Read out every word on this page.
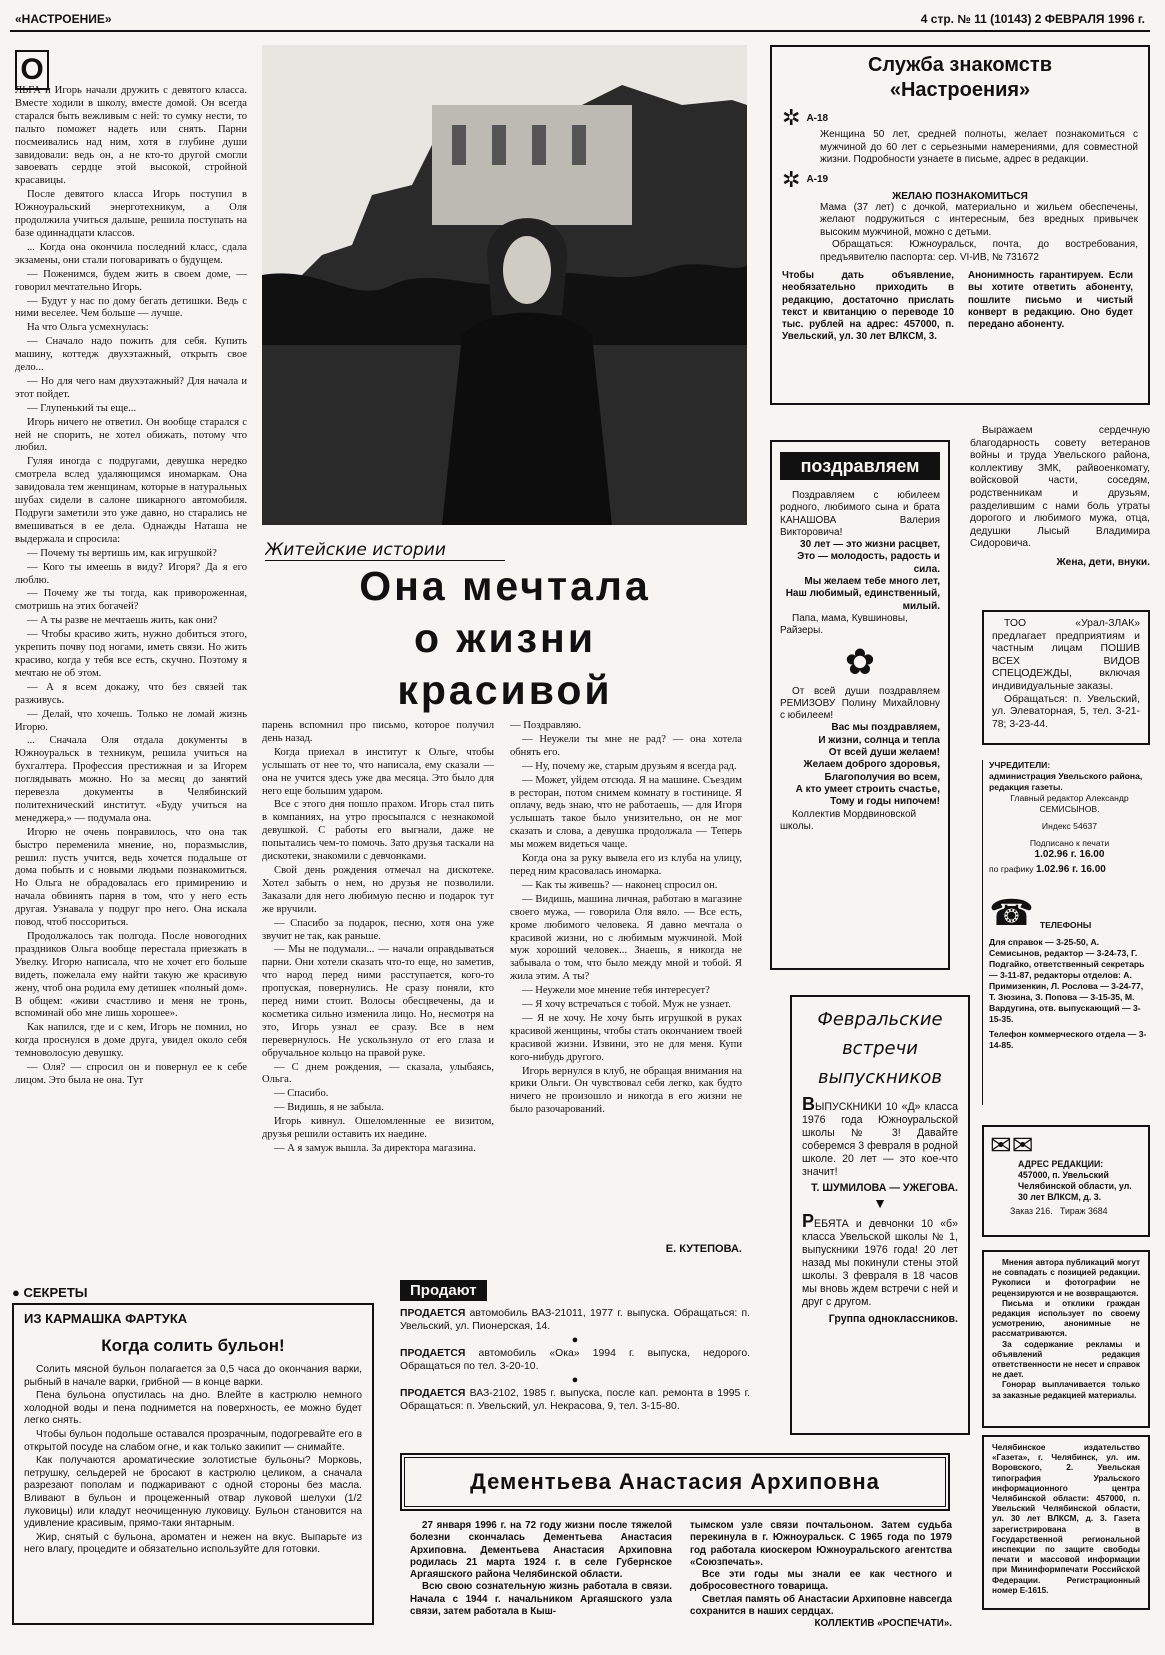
«НАСТРОЕНИЕ»	4 стр. № 11 (10143) 2 ФЕВРАЛЯ 1996 г.
О

ЛЬГА и Игорь начали дружить с девятого класса. Вместе ходили в школу, вместе домой. Он всегда старался быть вежливым с ней: то сумку нести, то пальто поможет надеть или снять. Парни посмеивались над ним, хотя в глубине души завидовали: ведь он, а не кто-то другой смогли завоевать сердце этой высокой, стройной красавицы.

После девятого класса Игорь поступил в Южноуральский энерготехникум, а Оля продолжила учиться дальше, решила поступать на базе одиннадцати классов.

... Когда она окончила последний класс, сдала экзамены, они стали поговаривать о будущем.

— Поженимся, будем жить в своем доме, — говорил мечтательно Игорь.

— Будут у нас по дому бегать детишки. Ведь с ними веселее. Чем больше — лучше.

На что Ольга усмехнулась:

— Сначало надо пожить для себя. Купить машину, коттедж двухэтажный, открыть свое дело...

— Но для чего нам двухэтажный? Для начала и этот пойдет.

— Глупенький ты еще...

Игорь ничего не ответил. Он вообще старался с ней не спорить, не хотел обижать, потому что любил.

Гуляя иногда с подругами, девушка нередко смотрела вслед удаляющимся иномаркам. Она завидовала тем женщинам, которые в натуральных шубах сидели в салоне шикарного автомобиля. Подруги заметили это уже давно, но старались не вмешиваться в ее дела. Однажды Наташа не выдержала и спросила:

— Почему ты вертишь им, как игрушкой?

— Кого ты имеешь в виду? Игоря? Да я его люблю.

— Почему же ты тогда, как привороженная, смотришь на этих богачей?

— А ты разве не мечтаешь жить, как они?

— Чтобы красиво жить, нужно добиться этого, укрепить почву под ногами, иметь связи. Но жить красиво, когда у тебя все есть, скучно. Поэтому я мечтаю не об этом.

— А я всем докажу, что без связей так разживусь.

— Делай, что хочешь. Только не ломай жизнь Игорю.

... Сначала Оля отдала документы в Южноуральск в техникум, решила учиться на бухгалтера. Профессия престижная и за Игорем поглядывать можно. Но за месяц до занятий перевезла документы в Челябинский политехнический институт. «Буду учиться на менеджера,» — подумала она.

Игорю не очень понравилось, что она так быстро переменила мнение, но, поразмыслив, решил: пусть учится, ведь хочется подальше от дома побыть и с новыми людьми познакомиться. Но Ольга не обрадовалась его примирению и начала обвинять парня в том, что у него есть другая. Узнавала у подруг про него. Она искала повод, чтоб поссориться.

Продолжалось так полгода. После новогодних праздников Ольга вообще перестала приезжать в Увелку. Игорю написала, что не хочет его больше видеть, пожелала ему найти такую же красивую жену, чтоб она родила ему детишек «полный дом». В общем: «живи счастливо и меня не тронь, вспоминай обо мне лишь хорошее».

Как напился, где и с кем, Игорь не помнил, но когда проснулся в доме друга, увидел около себя темноволосую девушку.

— Оля? — спросил он и повернул ее к себе лицом. Это была не она. Тут

Житейские истории
Она мечтала
о жизни
красивой

парень вспомнил про письмо, которое получил день назад.

Когда приехал в институт к Ольге, чтобы услышать от нее то, что написала, ему сказали — она не учится здесь уже два месяца. Это было для него еще большим ударом.

Все с этого дня пошло прахом. Игорь стал пить в компаниях, на утро просыпался с незнакомой девушкой. С работы его выгнали, даже не попытались чем-то помочь. Зато друзья таскали на дискотеки, знакомили с девчонками.

Свой день рождения отмечал на дискотеке. Хотел забыть о нем, но друзья не позволили. Заказали для него любимую песню и подарок тут же вручили.

— Спасибо за подарок, песню, хотя она уже звучит не так, как раньше.

— Мы не подумали... — начали оправдываться парни. Они хотели сказать что-то еще, но заметив, что народ перед ними расступается, кого-то пропуская, повернулись. Не сразу поняли, кто перед ними стоит. Волосы обесцвечены, да и косметика сильно изменила лицо. Но, несмотря на это, Игорь узнал ее сразу. Все в нем перевернулось. Не ускользнуло от его глаза и обручальное кольцо на правой руке.

— С днем рождения, — сказала, улыбаясь, Ольга.

— Спасибо.

— Видишь, я не забыла.

Игорь кивнул. Ошеломленные ее визитом, друзья решили оставить их наедине.

— А я замуж вышла. За директора магазина.

— Поздравляю.

— Неужели ты мне не рад? — она хотела обнять его.

— Ну, почему же, старым друзьям я всегда рад.

— Может, уйдем отсюда. Я на машине. Съездим в ресторан, потом снимем комнату в гостинице. Я оплачу, ведь знаю, что не работаешь, — для Игоря услышать такое было унизительно, он не мог сказать и слова, а девушка продолжала — Теперь мы можем видеться чаще.

Когда она за руку вывела его из клуба на улицу, перед ним красовалась иномарка.

— Как ты живешь? — наконец спросил он.

— Видишь, машина личная, работаю в магазине своего мужа, — говорила Оля вяло. — Все есть, кроме любимого человека. Я давно мечтала о красивой жизни, но с любимым мужчиной. Мой муж хороший человек... Знаешь, я никогда не забывала о том, что было между мной и тобой. Я жила этим. А ты?

— Неужели мое мнение тебя интересует?

— Я хочу встречаться с тобой. Муж не узнает.

— Я не хочу. Не хочу быть игрушкой в руках красивой женщины, чтобы стать окончанием твоей красивой жизни. Извини, это не для меня. Купи кого-нибудь другого.

Игорь вернулся в клуб, не обращая внимания на крики Ольги. Он чувствовал себя легко, как будто ничего не произошло и никогда в его жизни не было разочарований.

Е. КУТЕПОВА.
Служба знакомств
«Настроения»
✲ А-18
Женщина 50 лет, средней полноты, желает познакомиться с мужчиной до 60 лет с серьезными намерениями, для совместной жизни. Подробности узнаете в письме, адрес в редакции.
✲ А-19
ЖЕЛАЮ ПОЗНАКОМИТЬСЯ
Мама (37 лет) с дочкой, материально и жильем обеспечены, желают подружиться с интересным, без вредных привычек высоким мужчиной, можно с детьми.
Обращаться: Южноуральск, почта, до востребования, предъявителю паспорта: сер. VI-ИВ, № 731672
Чтобы дать объявление, необязательно приходить в редакцию, достаточно прислать текст и квитанцию о переводе 10 тыс. рублей на адрес: 457000, п. Увельский, ул. 30 лет ВЛКСМ, 3.
Анонимность гарантируем. Если вы хотите ответить абоненту, пошлите письмо и чистый конверт в редакцию. Оно будет передано абоненту.
поздравляем
Поздравляем с юбилеем родного, любимого сына и брата КАНАШОВА Валерия Викторовича!
30 лет — это жизни расцвет,
Это — молодость, радость и сила.
Мы желаем тебе много лет,
Наш любимый, единственный, милый.
Папа, мама, Кувшиновы, Райзеры.
✿
От всей души поздравляем РЕМИЗОВУ Полину Михайловну с юбилеем!
Вас мы поздравляем,
И жизни, солнца и тепла
От всей души желаем!
Желаем доброго здоровья,
Благополучия во всем,
А кто умеет строить счастье,
Тому и годы нипочем!
Коллектив Мордвиновской школы.
Выражаем сердечную благодарность совету ветеранов войны и труда Увельского района, коллективу ЗМК, райвоенкомату, войсковой части, соседям, родственникам и друзьям, разделившим с нами боль утраты дорогого и любимого мужа, отца, дедушки Лысый Владимира Сидоровича.
Жена, дети, внуки.
ТОО «Урал-ЗЛАК» предлагает предприятиям и частным лицам ПОШИВ ВСЕХ ВИДОВ СПЕЦОДЕЖДЫ, включая индивидуальные заказы.
Обращаться: п. Увельский, ул. Элеваторная, 5, тел. 3-21-78; 3-23-44.
УЧРЕДИТЕЛИ:
администрация Увельского района, редакция газеты.
Главный редактор Александр СЕМИСЫНОВ.
Индекс 54637
Подписано к печати
1.02.96 г. 16.00
по графику 1.02.96 г. 16.00
☎ ТЕЛЕФОНЫ
Для справок — 3-25-50, А. Семисынов, редактор — 3-24-73, Г. Подгайко, ответственный секретарь — 3-11-87, редакторы отделов: А. Примизенкин, Л. Рослова — 3-24-77, Т. Зюзина, З. Попова — 3-15-35, М. Вардугина, отв. выпускающий — 3-15-35.
Телефон коммерческого отдела — 3-14-85.
✉✉
АДРЕС РЕДАКЦИИ:
457000, п. Увельский Челябинской области, ул. 30 лет ВЛКСМ, д. 3.
Заказ 216. Тираж 3684
Мнения автора публикаций могут не совпадать с позицией редакции. Рукописи и фотографии не рецензируются и не возвращаются.
Письма и отклики граждан редакция использует по своему усмотрению, анонимные не рассматриваются.
За содержание рекламы и объявлений редакция ответственности не несет и справок не дает.
Гонорар выплачивается только за заказные редакцией материалы.
Челябинское издательство «Газета», г. Челябинск, ул. им. Воровского, 2. Увельская типография Уральского информационного центра Челябинской области: 457000, п. Увельский Челябинской области, ул. 30 лет ВЛКСМ, д. 3. Газета зарегистрирована в Государственной региональной инспекции по защите свободы печати и массовой информации при Мининформпечати Российской Федерации. Регистрационный номер Е-1615.
Февральские
встречи
выпускников
ВЫПУСКНИКИ 10 «Д» класса 1976 года Южноуральской школы № 3! Давайте соберемся 3 февраля в родной школе. 20 лет — это кое-что значит!
Т. ШУМИЛОВА — УЖЕГОВА.
▼
РЕБЯТА и девчонки 10 «б» класса Увельской школы № 1, выпускники 1976 года! 20 лет назад мы покинули стены этой школы. 3 февраля в 18 часов мы вновь ждем встречи с ней и друг с другом.
Группа одноклассников.
● СЕКРЕТЫ
ИЗ КАРМАШКА ФАРТУКА
Когда солить бульон!

Солить мясной бульон полагается за 0,5 часа до окончания варки, рыбный в начале варки, грибной — в конце варки.

Пена бульона опустилась на дно. Влейте в кастрюлю немного холодной воды и пена поднимется на поверхность, ее можно будет легко снять.

Чтобы бульон подольше оставался прозрачным, подогревайте его в открытой посуде на слабом огне, и как только закипит — снимайте.

Как получаются ароматические золотистые бульоны? Морковь, петрушку, сельдерей не бросают в кастрюлю целиком, а сначала разрезают пополам и поджаривают с одной стороны без масла. Вливают в бульон и процеженный отвар луковой шелухи (1/2 луковицы) или кладут неочищенную луковицу. Бульон становится на удивление красивым, прямо-таки янтарным.

Жир, снятый с бульона, ароматен и нежен на вкус. Выпарьте из него влагу, процедите и обязательно используйте для готовки.

Продают
ПРОДАЕТСЯ автомобиль ВАЗ-21011, 1977 г. выпуска. Обращаться: п. Увельский, ул. Пионерская, 14.
●
ПРОДАЕТСЯ автомобиль «Ока» 1994 г. выпуска, недорого. Обращаться по тел. 3-20-10.
●
ПРОДАЕТСЯ ВАЗ-2102, 1985 г. выпуска, после кап. ремонта в 1995 г. Обращаться: п. Увельский, ул. Некрасова, 9, тел. 3-15-80.
Дементьева Анастасия Архиповна
27 января 1996 г. на 72 году жизни после тяжелой болезни скончалась Дементьева Анастасия Архиповна. Дементьева Анастасия Архиповна родилась 21 марта 1924 г. в селе Губернское Аргаяшского района Челябинской области.
Всю свою сознательную жизнь работала в связи. Начала с 1944 г. начальником Аргаяшского узла связи, затем работала в Кыш-
тымском узле связи почтальоном. Затем судьба перекинула в г. Южноуральск. С 1965 года по 1979 год работала киоскером Южноуральского агентства «Союзпечать».
Все эти годы мы знали ее как честного и добросовестного товарища.
Светлая память об Анастасии Архиповне навсегда сохранится в наших сердцах.
КОЛЛЕКТИВ «РОСПЕЧАТИ».
